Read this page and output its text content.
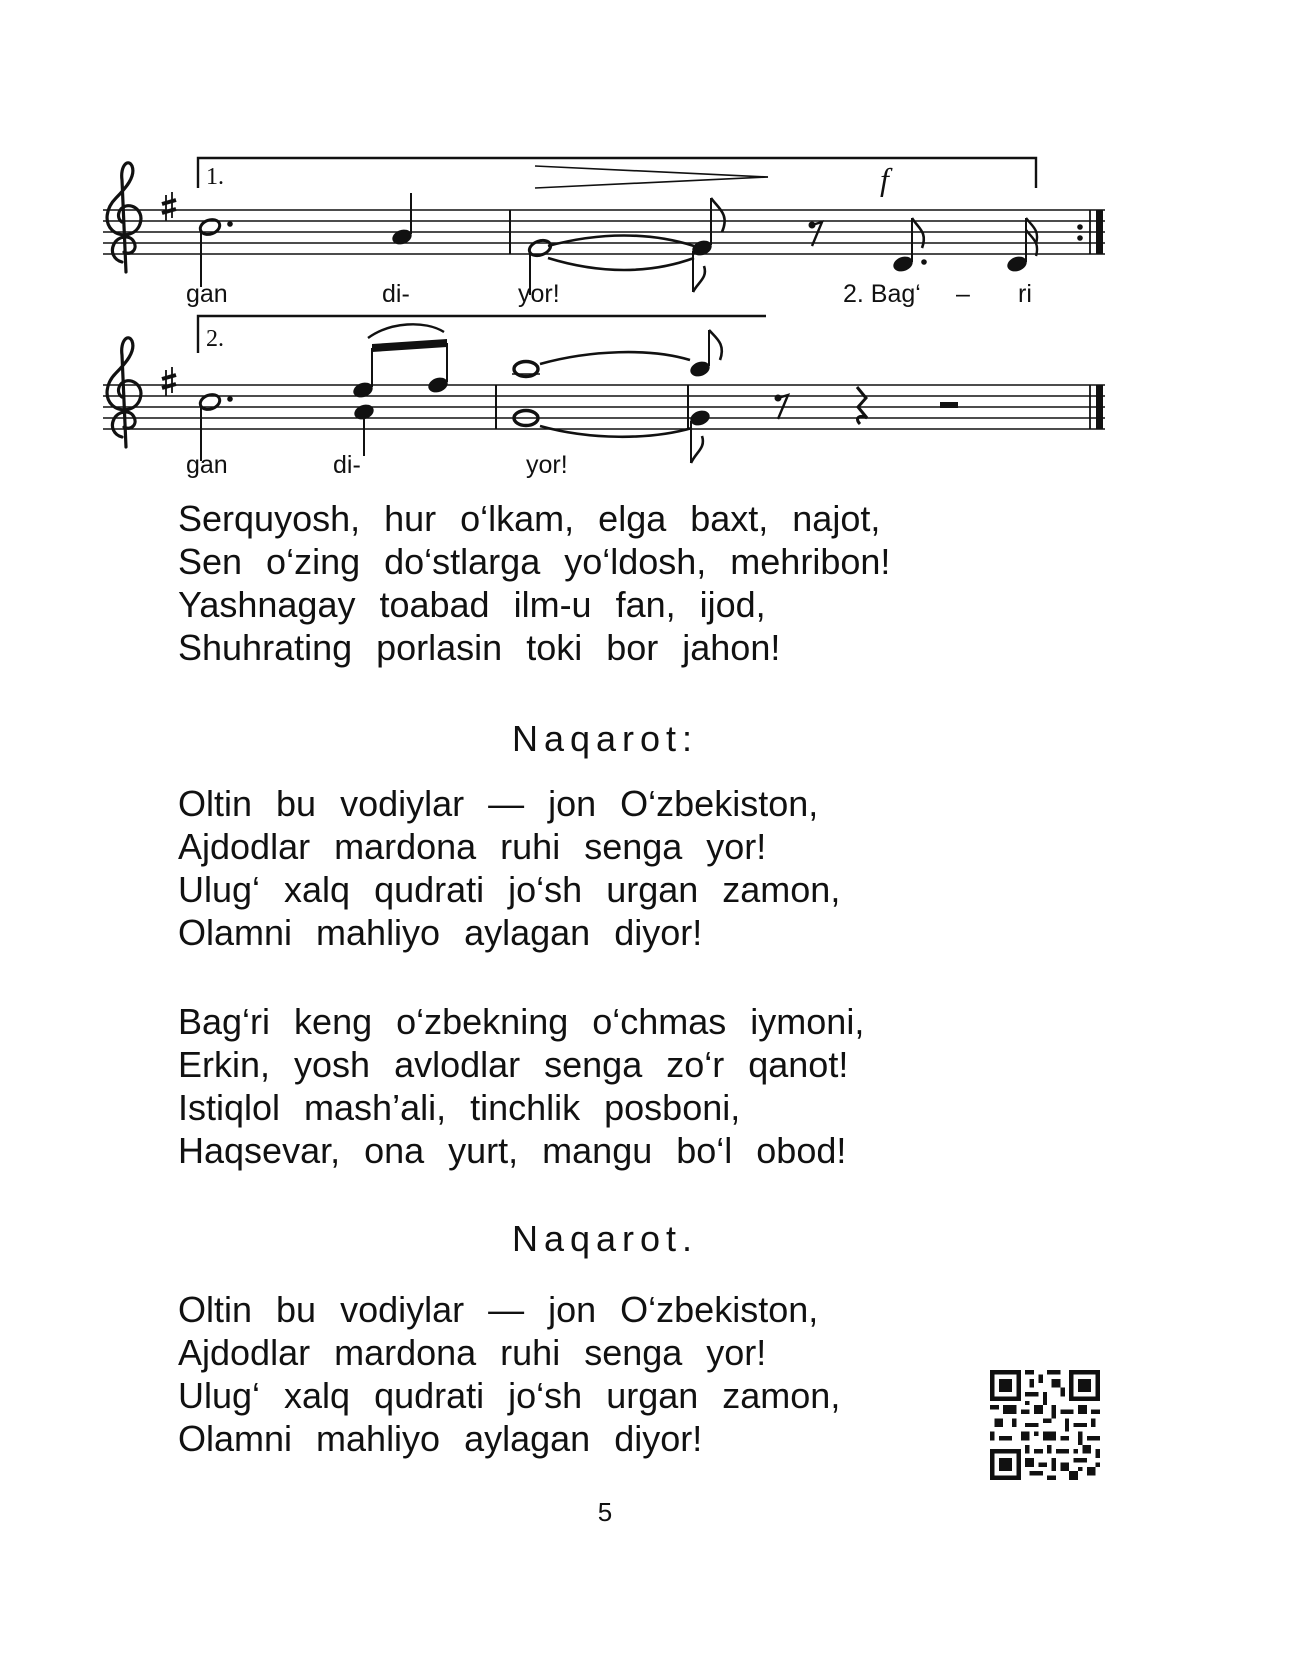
1.	f
gan	di-	yor!	2. Bag‘ – ri
2.
gan	di-	yor!
Serquyosh, hur o‘lkam, elga baxt, najot,
Sen o‘zing do‘stlarga yo‘ldosh, mehribon!
Yashnagay toabad ilm-u fan, ijod,
Shuhrating porlasin toki bor jahon!
Naqarot:
Oltin bu vodiylar — jon O‘zbekiston,
Ajdodlar mardona ruhi senga yor!
Ulug‘ xalq qudrati jo‘sh urgan zamon,
Olamni mahliyo aylagan diyor!
Bag‘ri keng o‘zbekning o‘chmas iymoni,
Erkin, yosh avlodlar senga zo‘r qanot!
Istiqlol mash’ali, tinchlik posboni,
Haqsevar, ona yurt, mangu bo‘l obod!
Naqarot.
Oltin bu vodiylar — jon O‘zbekiston,
Ajdodlar mardona ruhi senga yor!
Ulug‘ xalq qudrati jo‘sh urgan zamon,
Olamni mahliyo aylagan diyor!
5
